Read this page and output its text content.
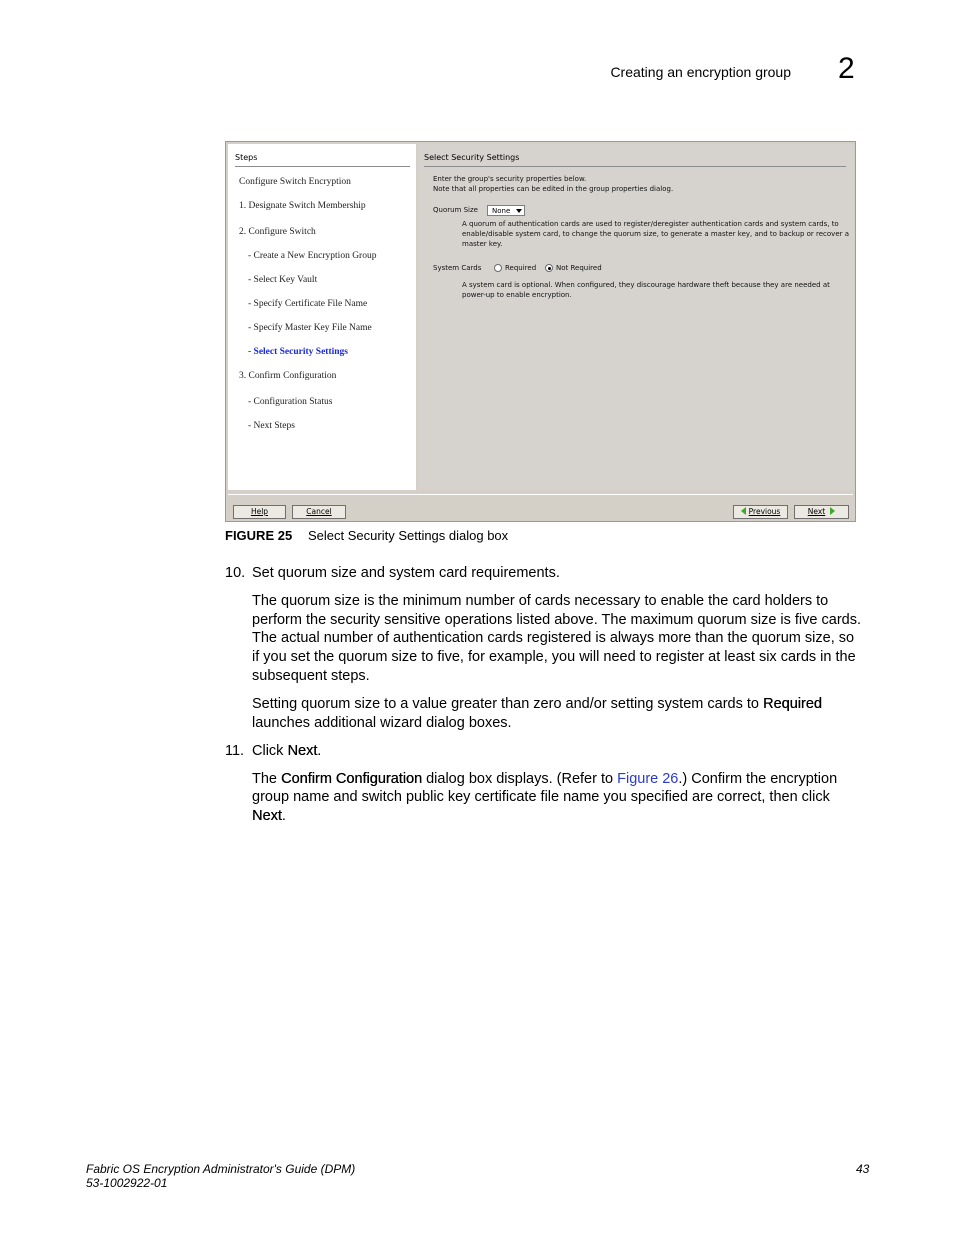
Creating an encryption group 2
Steps
Configure Switch Encryption
1. Designate Switch Membership
2. Configure Switch
- Create a New Encryption Group
- Select Key Vault
- Specify Certificate File Name
- Specify Master Key File Name
- Select Security Settings
3. Confirm Configuration
- Configuration Status
- Next Steps
Select Security Settings
Enter the group's security properties below.
Note that all properties can be edited in the group properties dialog.
Quorum Size	None
A quorum of authentication cards are used to register/deregister authentication cards and system cards, to
enable/disable system card, to change the quorum size, to generate a master key, and to backup or recover a
master key.
System Cards	Required	Not Required
A system card is optional. When configured, they discourage hardware theft because they are needed at
power-up to enable encryption.
Help	Cancel	Previous	Next
FIGURE 25 Select Security Settings dialog box
10. Set quorum size and system card requirements.
The quorum size is the minimum number of cards necessary to enable the card holders to
perform the security sensitive operations listed above. The maximum quorum size is five cards.
The actual number of authentication cards registered is always more than the quorum size, so
if you set the quorum size to five, for example, you will need to register at least six cards in the
subsequent steps.
Setting quorum size to a value greater than zero and/or setting system cards to Required
launches additional wizard dialog boxes.
11. Click Next.
The Confirm Configuration dialog box displays. (Refer to Figure 26.) Confirm the encryption
group name and switch public key certificate file name you specified are correct, then click
Next.
Fabric OS Encryption Administrator's Guide (DPM)
53-1002922-01
43
